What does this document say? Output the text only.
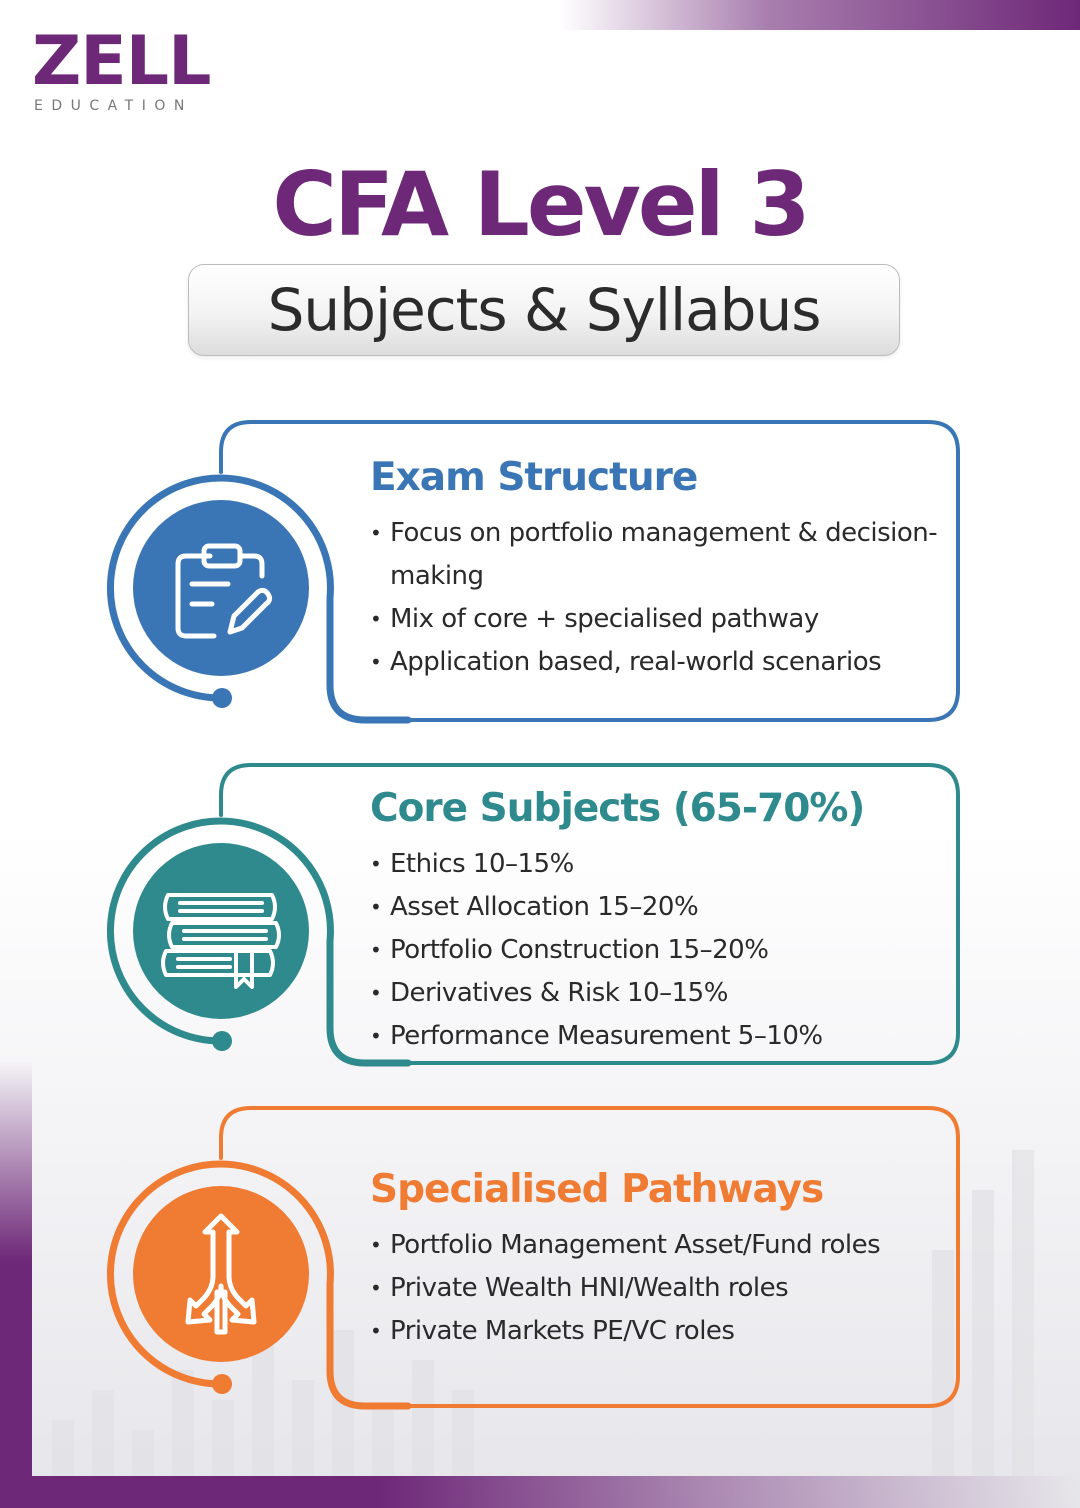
ZELL
EDUCATION
CFA Level 3
Subjects & Syllabus
Exam Structure
• Focus on portfolio management & decision-making
• Mix of core + specialised pathway
• Application based, real-world scenarios
Core Subjects (65-70%)
• Ethics 10–15%
• Asset Allocation 15–20%
• Portfolio Construction 15–20%
• Derivatives & Risk 10–15%
• Performance Measurement 5–10%
Specialised Pathways
• Portfolio Management Asset/Fund roles
• Private Wealth HNI/Wealth roles
• Private Markets PE/VC roles
